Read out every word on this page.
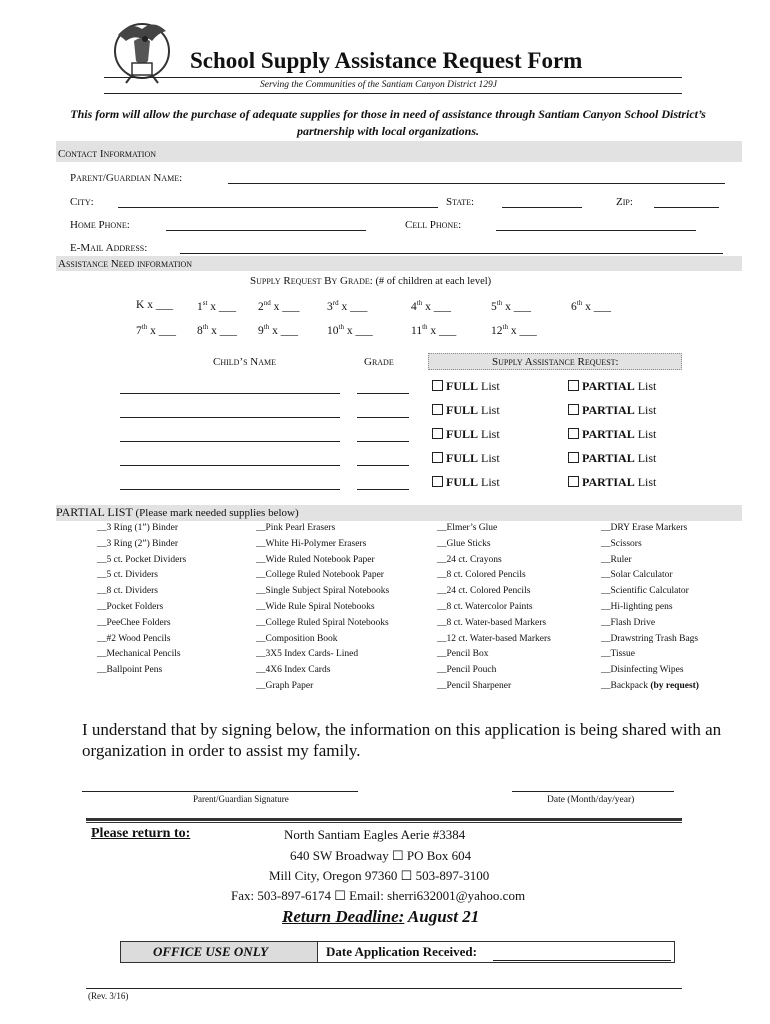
School Supply Assistance Request Form
Serving the Communities of the Santiam Canyon District 129J
This form will allow the purchase of adequate supplies for those in need of assistance through Santiam Canyon School District’s partnership with local organizations.
Contact Information
Parent/Guardian Name:
City:	State:	Zip:
Home Phone:	Cell Phone:
E-Mail Address:
Assistance Need information
Supply Request By Grade: (# of children at each level)
K x ___ 1st x ___ 2nd x ___ 3rd x ___	4th x ___	5th x ___	6th x ___
7th x ___ 8th x ___ 9th x ___	10th x ___	11th x ___	12th x ___
Child’s Name	Grade	Supply Assistance Request:
FULL List	PARTIAL List
FULL List	PARTIAL List
FULL List	PARTIAL List
FULL List	PARTIAL List
FULL List	PARTIAL List
PARTIAL LIST (Please mark needed supplies below)
__3 Ring (1”) Binder
__3 Ring (2”) Binder
__5 ct. Pocket Dividers
__5 ct. Dividers
__8 ct. Dividers
__Pocket Folders
__PeeChee Folders
__#2 Wood Pencils
__Mechanical Pencils
__Ballpoint Pens
__Pink Pearl Erasers
__White Hi-Polymer Erasers
__Wide Ruled Notebook Paper
__College Ruled Notebook Paper
__Single Subject Spiral Notebooks
__Wide Rule Spiral Notebooks
__College Ruled Spiral Notebooks
__Composition Book
__3X5 Index Cards- Lined
__4X6 Index Cards
__Graph Paper
__Elmer’s Glue
__Glue Sticks
__24 ct. Crayons
__8 ct. Colored Pencils
__24 ct. Colored Pencils
__8 ct. Watercolor Paints
__8 ct. Water-based Markers
__12 ct. Water-based Markers
__Pencil Box
__Pencil Pouch
__Pencil Sharpener
__DRY Erase Markers
__Scissors
__Ruler
__Solar Calculator
__Scientific Calculator
__Hi-lighting pens
__Flash Drive
__Drawstring Trash Bags
__Tissue
__Disinfecting Wipes
__Backpack (by request)
I understand that by signing below, the information on this application is being shared with an organization in order to assist my family.
Parent/Guardian Signature	Date (Month/day/year)
Please return to:	North Santiam Eagles Aerie #3384
640 SW Broadway ☐ PO Box 604
Mill City, Oregon 97360 ☐ 503-897-3100
Fax: 503-897-6174 ☐ Email: sherri632001@yahoo.com
Return Deadline: August 21
OFFICE USE ONLY	Date Application Received:
(Rev. 3/16)
